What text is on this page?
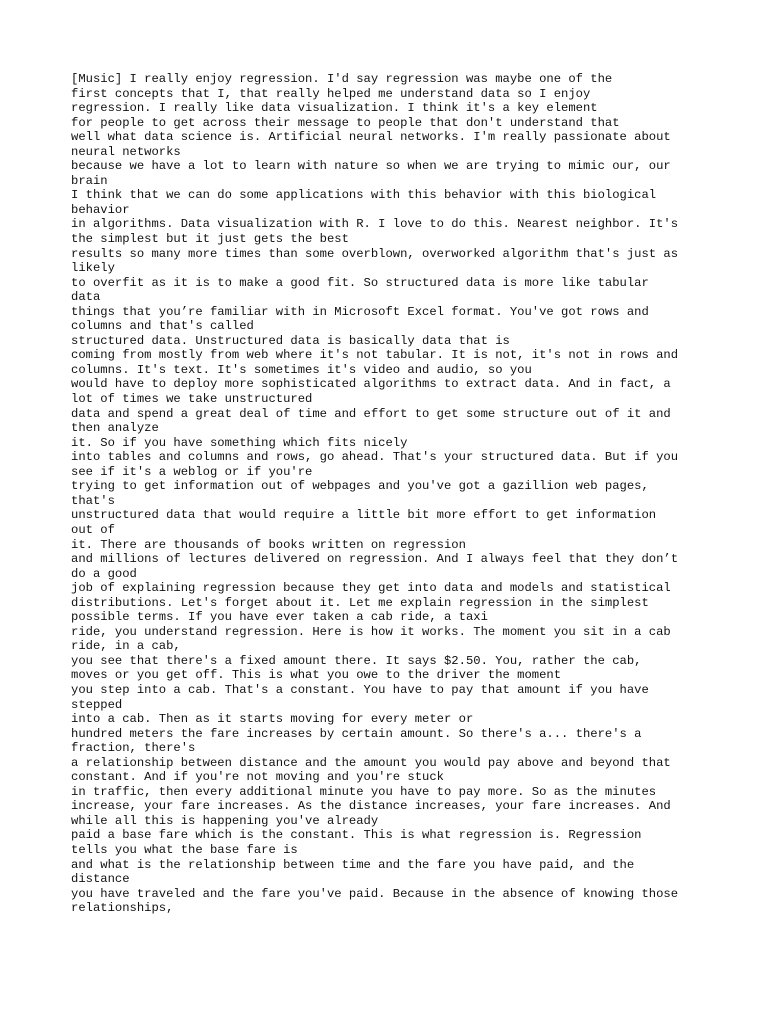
[Music] I really enjoy regression. I'd say regression was maybe one of the
first concepts that I, that really helped me understand data so I enjoy
regression. I really like data visualization. I think it's a key element
for people to get across their message to people that don't understand that
well what data science is. Artificial neural networks. I'm really passionate about
neural networks
because we have a lot to learn with nature so when we are trying to mimic our, our
brain
I think that we can do some applications with this behavior with this biological
behavior
in algorithms. Data visualization with R. I love to do this. Nearest neighbor. It's
the simplest but it just gets the best
results so many more times than some overblown, overworked algorithm that's just as
likely
to overfit as it is to make a good fit. So structured data is more like tabular
data
things that you’re familiar with in Microsoft Excel format. You've got rows and
columns and that's called
structured data. Unstructured data is basically data that is
coming from mostly from web where it's not tabular. It is not, it's not in rows and
columns. It's text. It's sometimes it's video and audio, so you
would have to deploy more sophisticated algorithms to extract data. And in fact, a
lot of times we take unstructured
data and spend a great deal of time and effort to get some structure out of it and
then analyze
it. So if you have something which fits nicely
into tables and columns and rows, go ahead. That's your structured data. But if you
see if it's a weblog or if you're
trying to get information out of webpages and you've got a gazillion web pages,
that's
unstructured data that would require a little bit more effort to get information
out of
it. There are thousands of books written on regression
and millions of lectures delivered on regression. And I always feel that they don’t
do a good
job of explaining regression because they get into data and models and statistical
distributions. Let's forget about it. Let me explain regression in the simplest
possible terms. If you have ever taken a cab ride, a taxi
ride, you understand regression. Here is how it works. The moment you sit in a cab
ride, in a cab,
you see that there's a fixed amount there. It says $2.50. You, rather the cab,
moves or you get off. This is what you owe to the driver the moment
you step into a cab. That's a constant. You have to pay that amount if you have
stepped
into a cab. Then as it starts moving for every meter or
hundred meters the fare increases by certain amount. So there's a... there's a
fraction, there's
a relationship between distance and the amount you would pay above and beyond that
constant. And if you're not moving and you're stuck
in traffic, then every additional minute you have to pay more. So as the minutes
increase, your fare increases. As the distance increases, your fare increases. And
while all this is happening you've already
paid a base fare which is the constant. This is what regression is. Regression
tells you what the base fare is
and what is the relationship between time and the fare you have paid, and the
distance
you have traveled and the fare you've paid. Because in the absence of knowing those
relationships,
